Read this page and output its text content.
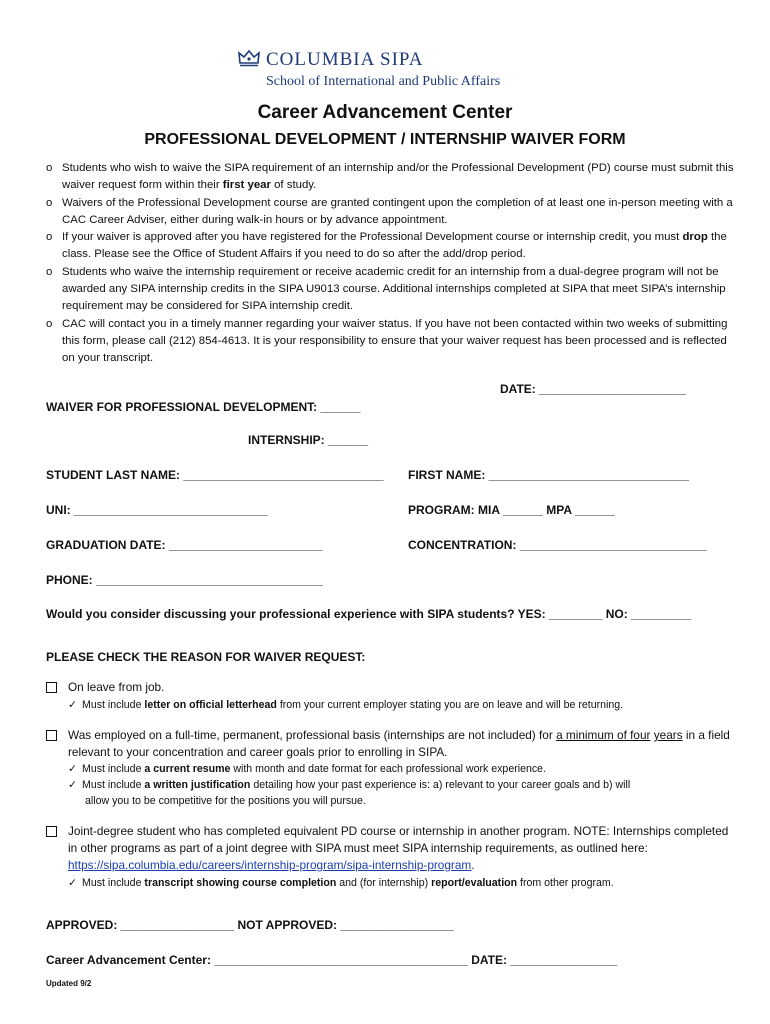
COLUMBIA SIPA
School of International and Public Affairs
Career Advancement Center
PROFESSIONAL DEVELOPMENT / INTERNSHIP WAIVER FORM
o Students who wish to waive the SIPA requirement of an internship and/or the Professional Development (PD) course must submit this waiver request form within their first year of study.
o Waivers of the Professional Development course are granted contingent upon the completion of at least one in-person meeting with a CAC Career Adviser, either during walk-in hours or by advance appointment.
o If your waiver is approved after you have registered for the Professional Development course or internship credit, you must drop the class. Please see the Office of Student Affairs if you need to do so after the add/drop period.
o Students who waive the internship requirement or receive academic credit for an internship from a dual-degree program will not be awarded any SIPA internship credits in the SIPA U9013 course. Additional internships completed at SIPA that meet SIPA’s internship requirement may be considered for SIPA internship credit.
o CAC will contact you in a timely manner regarding your waiver status. If you have not been contacted within two weeks of submitting this form, please call (212) 854-4613. It is your responsibility to ensure that your waiver request has been processed and is reflected on your transcript.
DATE: ______________________
WAIVER FOR PROFESSIONAL DEVELOPMENT: ______
INTERNSHIP: ______
STUDENT LAST NAME: ______________________________ FIRST NAME: ______________________________
UNI: _____________________________	PROGRAM: MIA ______ MPA ______
GRADUATION DATE: _______________________	CONCENTRATION: ____________________________
PHONE: __________________________________
Would you consider discussing your professional experience with SIPA students? YES: ________ NO: _________
PLEASE CHECK THE REASON FOR WAIVER REQUEST:
On leave from job.
✓ Must include letter on official letterhead from your current employer stating you are on leave and will be returning.
Was employed on a full-time, permanent, professional basis (internships are not included) for a minimum of four years in a field relevant to your concentration and career goals prior to enrolling in SIPA.
✓ Must include a current resume with month and date format for each professional work experience.
✓ Must include a written justification detailing how your past experience is: a) relevant to your career goals and b) will
allow you to be competitive for the positions you will pursue.
Joint-degree student who has completed equivalent PD course or internship in another program. NOTE: Internships completed in other programs as part of a joint degree with SIPA must meet SIPA internship requirements, as outlined here: https://sipa.columbia.edu/careers/internship-program/sipa-internship-program.
✓ Must include transcript showing course completion and (for internship) report/evaluation from other program.
APPROVED: _________________ NOT APPROVED: _________________
Career Advancement Center: ______________________________________ DATE: ________________
Updated 9/2
